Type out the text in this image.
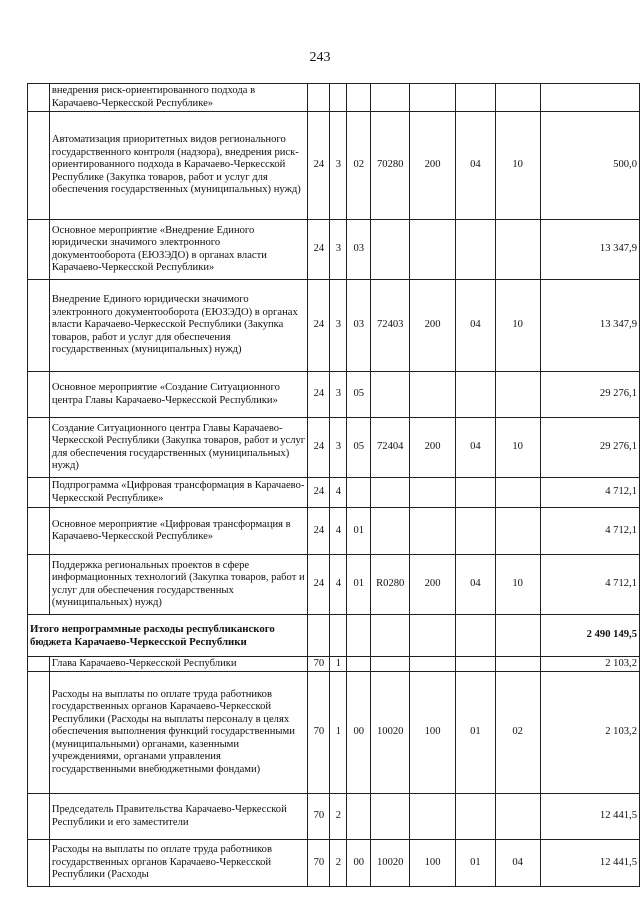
243
	внедрения риск-ориентированного подхода в Карачаево-Черкесской Республике»								
	Автоматизация приоритетных видов регионального государственного контроля (надзора), внедрения риск-ориентированного подхода в Карачаево-Черкесской Республике (Закупка товаров, работ и услуг для обеспечения государственных (муниципальных) нужд)	24	3	02	70280	200	04	10	500,0
	Основное мероприятие «Внедрение Единого юридически значимого электронного документооборота (ЕЮЗЭДО) в органах власти Карачаево-Черкесской Республики»	24	3	03					13 347,9
	Внедрение Единого юридически значимого электронного документооборота (ЕЮЗЭДО) в органах власти Карачаево-Черкесской Республики (Закупка товаров, работ и услуг для обеспечения государственных (муниципальных) нужд)	24	3	03	72403	200	04	10	13 347,9
	Основное мероприятие «Создание Ситуационного центра Главы Карачаево-Черкесской Республики»	24	3	05					29 276,1
	Создание Ситуационного центра Главы Карачаево-Черкесской Республики (Закупка товаров, работ и услуг для обеспечения государственных (муниципальных) нужд)	24	3	05	72404	200	04	10	29 276,1
	Подпрограмма «Цифровая трансформация в Карачаево-Черкесской Республике»	24	4						4 712,1
	Основное мероприятие «Цифровая трансформация в Карачаево-Черкесской Республике»	24	4	01					4 712,1
	Поддержка региональных проектов в сфере информационных технологий (Закупка товаров, работ и услуг для обеспечения государственных (муниципальных) нужд)	24	4	01	R0280	200	04	10	4 712,1
Итого непрограммные расходы республиканского бюджета Карачаево-Черкесской Республики									2 490 149,5
	Глава Карачаево-Черкесской Республики	70	1						2 103,2
	Расходы на выплаты по оплате труда работников государственных органов Карачаево-Черкесской Республики (Расходы на выплаты персоналу в целях обеспечения выполнения функций государственными (муниципальными) органами, казенными учреждениями, органами управления государственными внебюджетными фондами)	70	1	00	10020	100	01	02	2 103,2
	Председатель Правительства Карачаево-Черкесской Республики и его заместители	70	2						12 441,5
	Расходы на выплаты по оплате труда работников государственных органов Карачаево-Черкесской Республики (Расходы	70	2	00	10020	100	01	04	12 441,5
